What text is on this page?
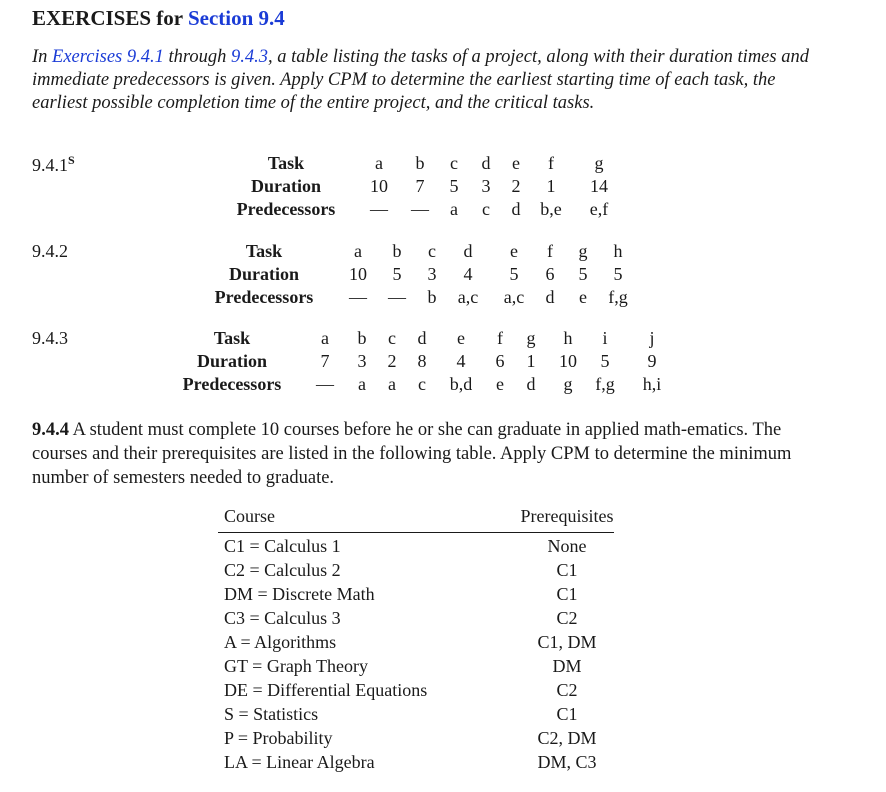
EXERCISES for Section 9.4
In Exercises 9.4.1 through 9.4.3, a table listing the tasks of a project, along with their duration times and immediate predecessors is given. Apply CPM to determine the earliest starting time of each task, the earliest possible completion time of the entire project, and the critical tasks.
$9.4.1^S$
9.4.2
9.4.3
Task	a b c d e f g
Duration	10 7 5 3 2 1 14
Predecessors — — a c d b,e e,f
Task	a b c d e f g h
Duration	10 5 3 4 5 6 5 5
Predecessors — — b a,c a,c d e f,g
Task	a b c d e f g h i j
Duration	7 3 2 8 4 6 1 10 5 9
Predecessors — a a c b,d e d g f,g h,i
9.4.4 A student must complete 10 courses before he or she can graduate in applied math-ematics. The courses and their prerequisites are listed in the following table. Apply CPM to determine the minimum number of semesters needed to graduate.
Course	Prerequisites
C1 = Calculus 1	None
C2 = Calculus 2	C1
DM = Discrete Math	C1
C3 = Calculus 3	C2
A = Algorithms	C1, DM
GT = Graph Theory	DM
DE = Differential Equations	C2
S = Statistics	C1
P = Probability	C2, DM
LA = Linear Algebra	DM, C3
